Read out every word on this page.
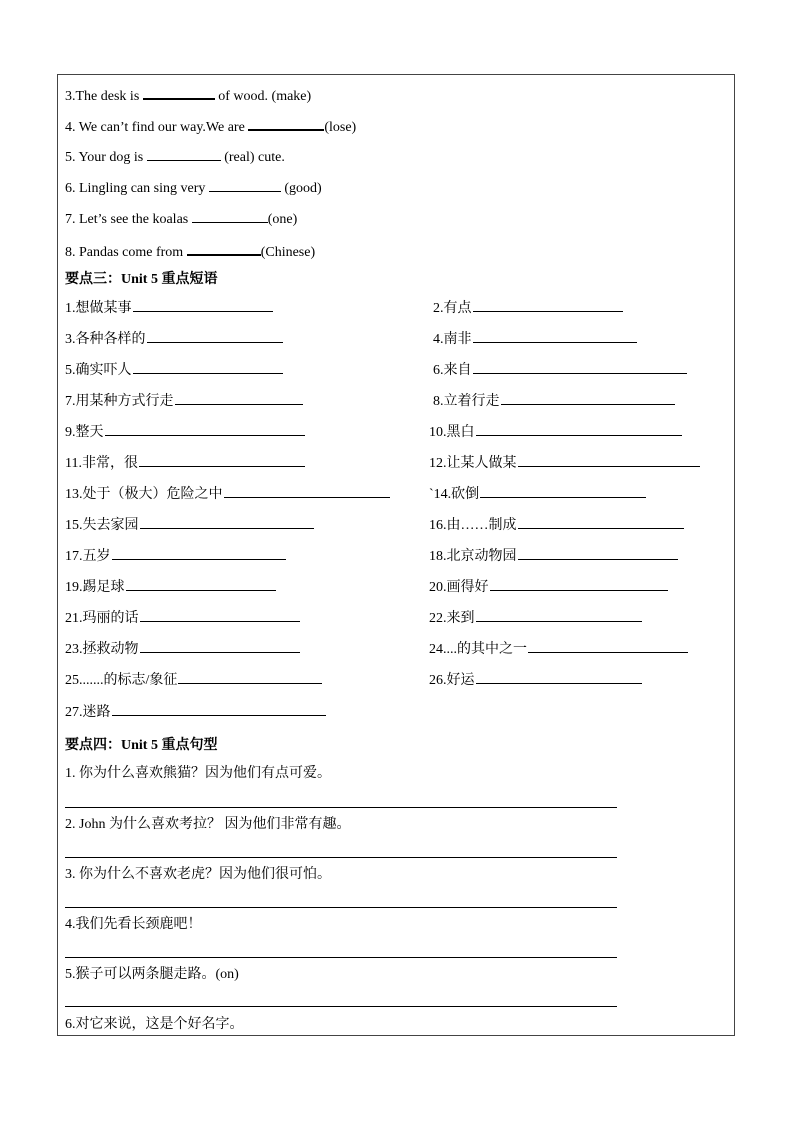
3.The desk is	of wood. (make)
4. We can’t find our way.We are	(lose)
5. Your dog is	(real) cute.
6. Lingling can sing very	(good)
7. Let’s see the koalas	(one)
8. Pandas come from	(Chinese)
要点三：Unit 5 重点短语
1.想做某事	2.有点
3.各种各样的	4.南非
5.确实吓人	6.来自
7.用某种方式行走	8.立着行走
9.整天	10.黑白
11.非常，很	12.让某人做某
13.处于（极大）危险之中	`14.砍倒
15.失去家园	16.由……制成
17.五岁	18.北京动物园
19.踢足球	20.画得好
21.玛丽的话	22.来到
23.拯救动物	24....的其中之一
25.......的标志/象征	26.好运
27.迷路
要点四：Unit 5 重点句型
1. 你为什么喜欢熊猫？因为他们有点可爱。
2. John 为什么喜欢考拉？ 因为他们非常有趣。
3. 你为什么不喜欢老虎？因为他们很可怕。
4.我们先看长颈鹿吧！
5.猴子可以两条腿走路。(on)
6.对它来说，这是个好名字。
